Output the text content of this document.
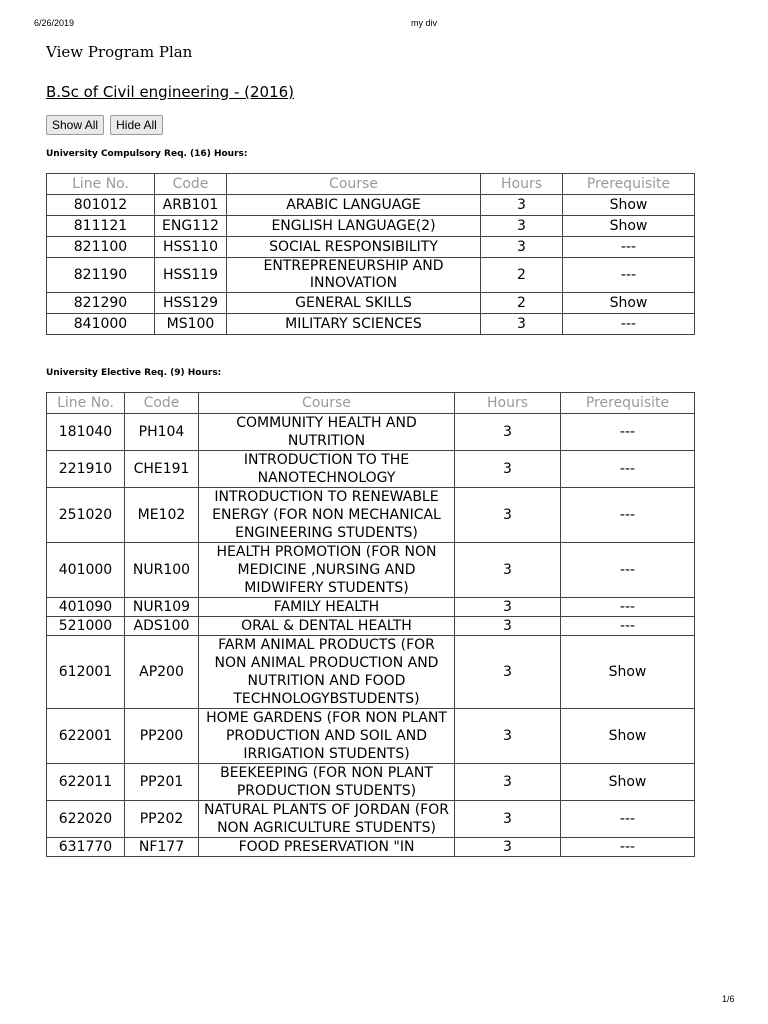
6/26/2019	my div
View Program Plan
B.Sc of Civil engineering - (2016)
Show All Hide All
University Compulsory Req. (16) Hours:
Line No.	Code	Course	Hours	Prerequisite
801012	ARB101	ARABIC LANGUAGE	3	Show
811121	ENG112	ENGLISH LANGUAGE(2)	3	Show
821100	HSS110	SOCIAL RESPONSIBILITY	3	---
821190	HSS119	ENTREPRENEURSHIP AND INNOVATION	2	---
821290	HSS129	GENERAL SKILLS	2	Show
841000	MS100	MILITARY SCIENCES	3	---
University Elective Req. (9) Hours:
Line No.	Code	Course	Hours	Prerequisite
181040	PH104	COMMUNITY HEALTH AND NUTRITION	3	---
221910	CHE191	INTRODUCTION TO THE NANOTECHNOLOGY	3	---
251020	ME102	INTRODUCTION TO RENEWABLE ENERGY (FOR NON MECHANICAL ENGINEERING STUDENTS)	3	---
401000	NUR100	HEALTH PROMOTION (FOR NON MEDICINE ,NURSING AND MIDWIFERY STUDENTS)	3	---
401090	NUR109	FAMILY HEALTH	3	---
521000	ADS100	ORAL & DENTAL HEALTH	3	---
612001	AP200	FARM ANIMAL PRODUCTS (FOR NON ANIMAL PRODUCTION AND NUTRITION AND FOOD TECHNOLOGYBSTUDENTS)	3	Show
622001	PP200	HOME GARDENS (FOR NON PLANT PRODUCTION AND SOIL AND IRRIGATION STUDENTS)	3	Show
622011	PP201	BEEKEEPING (FOR NON PLANT PRODUCTION STUDENTS)	3	Show
622020	PP202	NATURAL PLANTS OF JORDAN (FOR NON AGRICULTURE STUDENTS)	3	---
631770	NF177	FOOD PRESERVATION "IN	3	---
1/6
